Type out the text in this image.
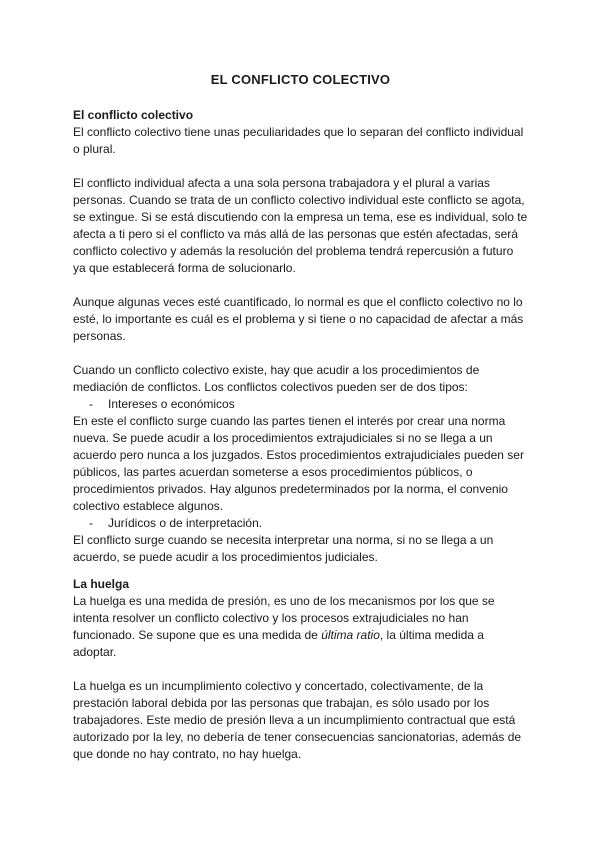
EL CONFLICTO COLECTIVO
El conflicto colectivo

El conflicto colectivo tiene unas peculiaridades que lo separan del conflicto individual o plural.

El conflicto individual afecta a una sola persona trabajadora y el plural a varias personas. Cuando se trata de un conflicto colectivo individual este conflicto se agota, se extingue. Si se está discutiendo con la empresa un tema, ese es individual, solo te afecta a ti pero si el conflicto va más allá de las personas que estén afectadas, será conflicto colectivo y además la resolución del problema tendrá repercusión a futuro ya que establecerá forma de solucionarlo.

Aunque algunas veces esté cuantificado, lo normal es que el conflicto colectivo no lo esté, lo importante es cuál es el problema y si tiene o no capacidad de afectar a más personas.

Cuando un conflicto colectivo existe, hay que acudir a los procedimientos de mediación de conflictos. Los conflictos colectivos pueden ser de dos tipos:

-	Intereses o económicos

En este el conflicto surge cuando las partes tienen el interés por crear una norma nueva. Se puede acudir a los procedimientos extrajudiciales si no se llega a un acuerdo pero nunca a los juzgados. Estos procedimientos extrajudiciales pueden ser públicos, las partes acuerdan someterse a esos procedimientos públicos, o procedimientos privados. Hay algunos predeterminados por la norma, el convenio colectivo establece algunos.

-	Jurídicos o de interpretación.

El conflicto surge cuando se necesita interpretar una norma, si no se llega a un acuerdo, se puede acudir a los procedimientos judiciales.

La huelga

La huelga es una medida de presión, es uno de los mecanismos por los que se intenta resolver un conflicto colectivo y los procesos extrajudiciales no han funcionado. Se supone que es una medida de última ratio, la última medida a adoptar.

La huelga es un incumplimiento colectivo y concertado, colectivamente, de la prestación laboral debida por las personas que trabajan, es sólo usado por los trabajadores. Este medio de presión lleva a un incumplimiento contractual que está autorizado por la ley, no debería de tener consecuencias sancionatorias, además de que donde no hay contrato, no hay huelga.
